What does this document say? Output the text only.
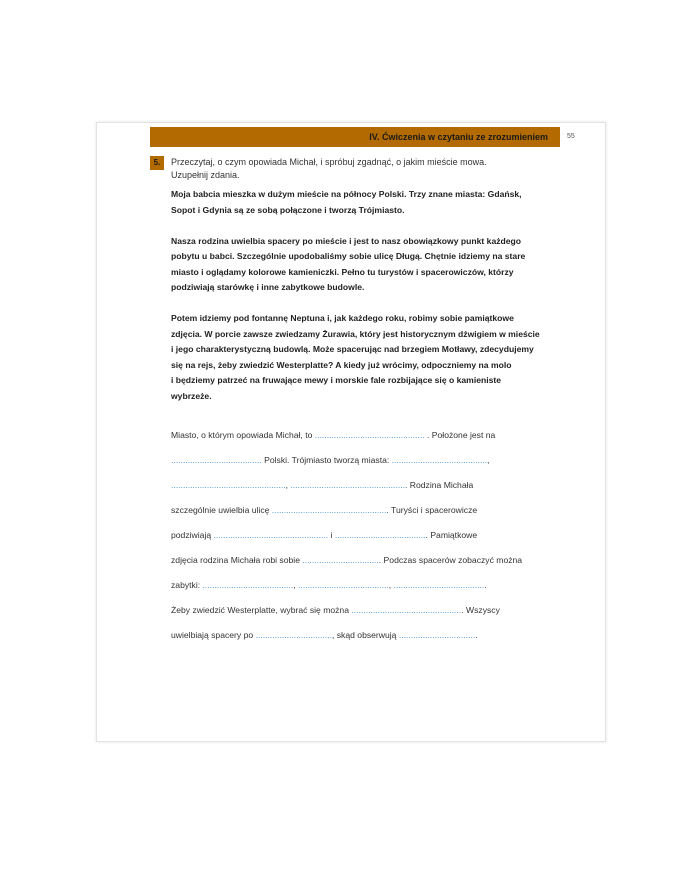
IV. Ćwiczenia w czytaniu ze zrozumieniem	55
5.	Przeczytaj, o czym opowiada Michał, i spróbuj zgadnąć, o jakim mieście mowa.
Uzupełnij zdania.

Moja babcia mieszka w dużym mieście na północy Polski. Trzy znane miasta: Gdańsk,
Sopot i Gdynia są ze sobą połączone i tworzą Trójmiasto.

Nasza rodzina uwielbia spacery po mieście i jest to nasz obowiązkowy punkt każdego
pobytu u babci. Szczególnie upodobaliśmy sobie ulicę Długą. Chętnie idziemy na stare
miasto i oglądamy kolorowe kamieniczki. Pełno tu turystów i spacerowiczów, którzy
podziwiają starówkę i inne zabytkowe budowle.

Potem idziemy pod fontannę Neptuna i, jak każdego roku, robimy sobie pamiątkowe
zdjęcia. W porcie zawsze zwiedzamy Żurawia, który jest historycznym dźwigiem w mieście
i jego charakterystyczną budowlą. Może spacerując nad brzegiem Motławy, zdecydujemy
się na rejs, żeby zwiedzić Westerplatte? A kiedy już wrócimy, odpoczniemy na molo
i będziemy patrzeć na fruwające mewy i morskie fale rozbijające się o kamieniste
wybrzeże.

Miasto, o którym opowiada Michał, to .............................................. . Położone jest na
...................................... Polski. Trójmiasto tworzą miasta: ........................................,
................................................, ................................................. Rodzina Michała
szczególnie uwielbia ulicę ................................................. Turyści i spacerowicze
podziwiają ................................................ i ....................................... Pamiątkowe
zdjęcia rodzina Michała robi sobie ................................. Podczas spacerów zobaczyć można
zabytki: ......................................, ......................................, .......................................
Żeby zwiedzić Westerplatte, wybrać się można ............................................... Wszyscy
uwielbiają spacery po ................................, skąd obserwują .................................
